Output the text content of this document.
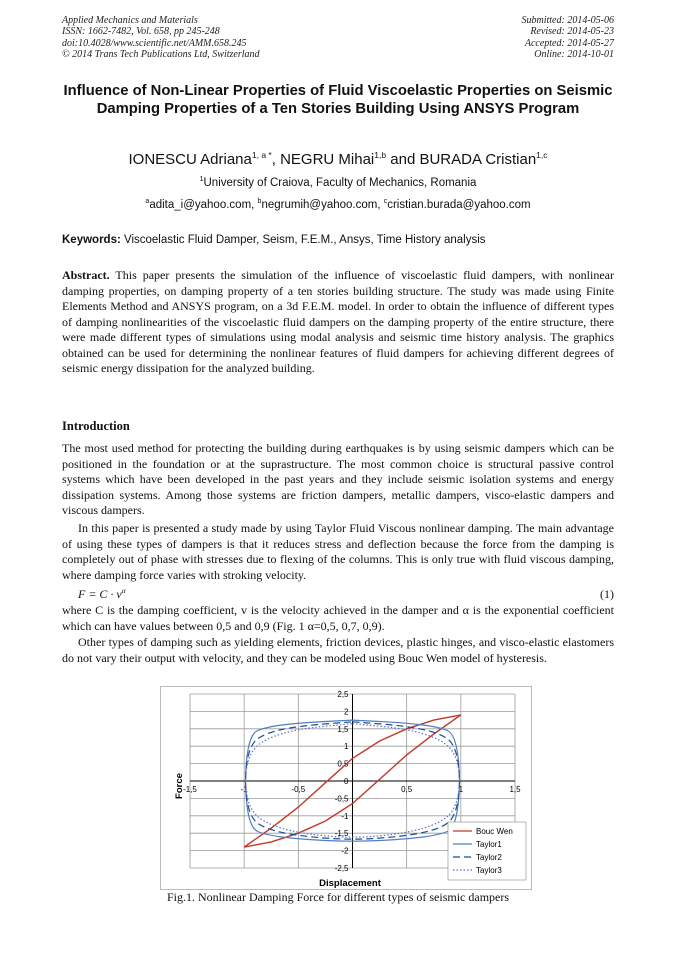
Applied Mechanics and Materials
ISSN: 1662-7482, Vol. 658, pp 245-248
doi:10.4028/www.scientific.net/AMM.658.245
© 2014 Trans Tech Publications Ltd, Switzerland
Submitted: 2014-05-06
Revised: 2014-05-23
Accepted: 2014-05-27
Online: 2014-10-01
Influence of Non-Linear Properties of Fluid Viscoelastic Properties on Seismic Damping Properties of a Ten Stories Building Using ANSYS Program
IONESCU Adriana$^{1, a *}$, NEGRU Mihai$^{1,b}$ and BURADA Cristian$^{1,c}$
$^1$University of Craiova, Faculty of Mechanics, Romania
$^a$adita_i@yahoo.com, $^b$negrumih@yahoo.com, $^c$cristian.burada@yahoo.com
Keywords: Viscoelastic Fluid Damper, Seism, F.E.M., Ansys, Time History analysis
Abstract. This paper presents the simulation of the influence of viscoelastic fluid dampers, with nonlinear damping properties, on damping property of a ten stories building structure. The study was made using Finite Elements Method and ANSYS program, on a 3d F.E.M. model. In order to obtain the influence of different types of damping nonlinearities of the viscoelastic fluid dampers on the damping property of the entire structure, there were made different types of simulations using modal analysis and seismic time history analysis. The graphics obtained can be used for determining the nonlinear features of fluid dampers for achieving different degrees of seismic energy dissipation for the analyzed building.
Introduction
The most used method for protecting the building during earthquakes is by using seismic dampers which can be positioned in the foundation or at the suprastructure. The most common choice is structural passive control systems which have been developed in the past years and they include seismic isolation systems and energy dissipation systems. Among those systems are friction dampers, metallic dampers, visco-elastic dampers and viscous dampers.
In this paper is presented a study made by using Taylor Fluid Viscous nonlinear damping. The main advantage of using these types of dampers is that it reduces stress and deflection because the force from the damping is completely out of phase with stresses due to flexing of the columns. This is only true with fluid viscous damping, where damping force varies with stroking velocity.
$F = C \cdot v^\alpha$	(1)
where C is the damping coefficient, v is the velocity achieved in the damper and α is the exponential coefficient which can have values between 0,5 and 0,9 (Fig. 1 α=0,5, 0,7, 0,9).
Other types of damping such as yielding elements, friction devices, plastic hinges, and visco-elastic elastomers do not vary their output with velocity, and they can be modeled using Bouc Wen model of hysteresis.
2,5
2
1,5
1
0,5
0
-0,5
-1
-1,5
-2
-2,5
-1,5	-1	-0,5	0,5	1	1,5
Displacement
Force
Bouc Wen
Taylor1
Taylor2
Taylor3
Fig.1. Nonlinear Damping Force for different types of seismic dampers
